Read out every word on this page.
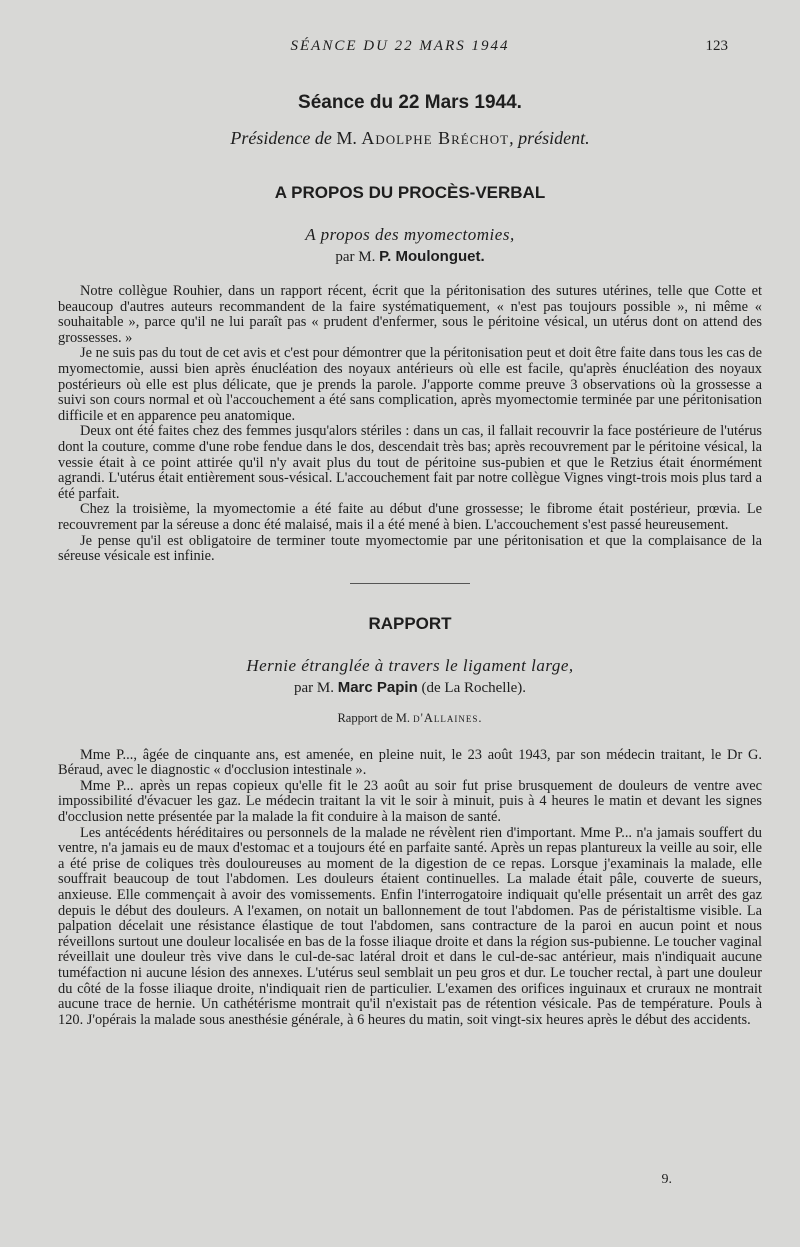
SÉANCE DU 22 MARS 1944	123
Séance du 22 Mars 1944.
Présidence de M. Adolphe Bréchot, président.
A PROPOS DU PROCÈS-VERBAL
A propos des myomectomies,
par M. P. Moulonguet.

Notre collègue Rouhier, dans un rapport récent, écrit que la péritonisation des sutures utérines, telle que Cotte et beaucoup d'autres auteurs recommandent de la faire systématiquement, « n'est pas toujours possible », ni même « souhaitable », parce qu'il ne lui paraît pas « prudent d'enfermer, sous le péritoine vésical, un utérus dont on attend des grossesses. »

Je ne suis pas du tout de cet avis et c'est pour démontrer que la péritonisation peut et doit être faite dans tous les cas de myomectomie, aussi bien après énucléation des noyaux antérieurs où elle est facile, qu'après énucléation des noyaux postérieurs où elle est plus délicate, que je prends la parole. J'apporte comme preuve 3 observations où la grossesse a suivi son cours normal et où l'accouchement a été sans complication, après myomectomie terminée par une péritonisation difficile et en apparence peu anatomique.

Deux ont été faites chez des femmes jusqu'alors stériles : dans un cas, il fallait recouvrir la face postérieure de l'utérus dont la couture, comme d'une robe fendue dans le dos, descendait très bas; après recouvrement par le péritoine vésical, la vessie était à ce point attirée qu'il n'y avait plus du tout de péritoine sus-pubien et que le Retzius était énormément agrandi. L'utérus était entièrement sous-vésical. L'accouchement fait par notre collègue Vignes vingt-trois mois plus tard a été parfait.

Chez la troisième, la myomectomie a été faite au début d'une grossesse; le fibrome était postérieur, prœvia. Le recouvrement par la séreuse a donc été malaisé, mais il a été mené à bien. L'accouchement s'est passé heureusement.

Je pense qu'il est obligatoire de terminer toute myomectomie par une péritonisation et que la complaisance de la séreuse vésicale est infinie.

RAPPORT
Hernie étranglée à travers le ligament large,
par M. Marc Papin (de La Rochelle).
Rapport de M. d'Allaines.

Mme P..., âgée de cinquante ans, est amenée, en pleine nuit, le 23 août 1943, par son médecin traitant, le Dr G. Béraud, avec le diagnostic « d'occlusion intestinale ».

Mme P... après un repas copieux qu'elle fit le 23 août au soir fut prise brusquement de douleurs de ventre avec impossibilité d'évacuer les gaz. Le médecin traitant la vit le soir à minuit, puis à 4 heures le matin et devant les signes d'occlusion nette présentée par la malade la fit conduire à la maison de santé.

Les antécédents héréditaires ou personnels de la malade ne révèlent rien d'important. Mme P... n'a jamais souffert du ventre, n'a jamais eu de maux d'estomac et a toujours été en parfaite santé. Après un repas plantureux la veille au soir, elle a été prise de coliques très douloureuses au moment de la digestion de ce repas. Lorsque j'examinais la malade, elle souffrait beaucoup de tout l'abdomen. Les douleurs étaient continuelles. La malade était pâle, couverte de sueurs, anxieuse. Elle commençait à avoir des vomissements. Enfin l'interrogatoire indiquait qu'elle présentait un arrêt des gaz depuis le début des douleurs. A l'examen, on notait un ballonnement de tout l'abdomen. Pas de péristaltisme visible. La palpation décelait une résistance élastique de tout l'abdomen, sans contracture de la paroi en aucun point et nous réveillons surtout une douleur localisée en bas de la fosse iliaque droite et dans la région sus-pubienne. Le toucher vaginal réveillait une douleur très vive dans le cul-de-sac latéral droit et dans le cul-de-sac antérieur, mais n'indiquait aucune tuméfaction ni aucune lésion des annexes. L'utérus seul semblait un peu gros et dur. Le toucher rectal, à part une douleur du côté de la fosse iliaque droite, n'indiquait rien de particulier. L'examen des orifices inguinaux et cruraux ne montrait aucune trace de hernie. Un cathétérisme montrait qu'il n'existait pas de rétention vésicale. Pas de température. Pouls à 120. J'opérais la malade sous anesthésie générale, à 6 heures du matin, soit vingt-six heures après le début des accidents.

9.
